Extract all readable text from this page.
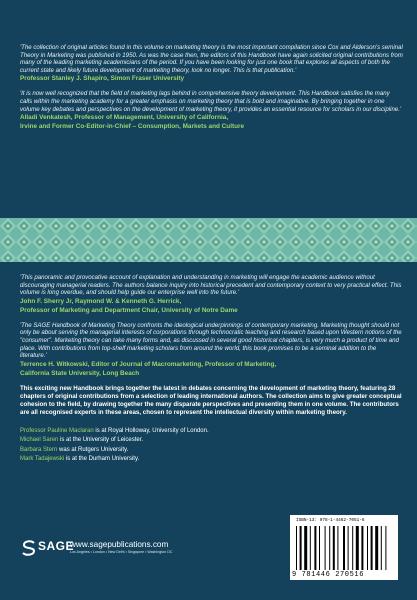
'The collection of original articles found in this volume on marketing theory is the most important compilation since Cox and Alderson's seminal Theory in Marketing was published in 1950. As was the case then, the editors of this Handbook have again solicited original contributions from many of the leading marketing academicians of the period. If you have been looking for just one book that explores all aspects of both the current state and likely future development of marketing theory, look no longer. This is that publication.'

Professor Stanley J. Shapiro, Simon Fraser University

'It is now well recognized that the field of marketing lags behind in comprehensive theory development. This Handbook satisfies the many calls within the marketing academy for a greater emphasis on marketing theory that is bold and imaginative. By bringing together in one volume key debates and perspectives on the development of marketing theory, it provides an essential resource for scholars in our discipline.'

Alladi Venkatesh, Professor of Management, University of California,

Irvine and Former Co-Editor-in-Chief – Consumption, Markets and Culture

'This panoramic and provocative account of explanation and understanding in marketing will engage the academic audience without discouraging managerial readers. The authors balance inquiry into historical precedent and contemporary context to very practical effect. This volume is long overdue, and should help guide our enterprise well into the future.'

John F. Sherry Jr, Raymond W. & Kenneth G. Herrick,

Professor of Marketing and Department Chair, University of Notre Dame

'The SAGE Handbook of Marketing Theory confronts the ideological underpinnings of contemporary marketing. Marketing thought should not only be about serving the managerial interests of corporations through technocratic teaching and research based upon Western notions of the "consumer". Marketing theory can take many forms and, as discussed in several good historical chapters, is very much a product of time and place. With contributions from top-shelf marketing scholars from around the world, this book promises to be a seminal addition to the literature.'

Terrence H. Witkowski, Editor of Journal of Macromarketing, Professor of Marketing,

California State University, Long Beach

This exciting new Handbook brings together the latest in debates concerning the development of marketing theory, featuring 28 chapters of original contributions from a selection of leading international authors. The collection aims to give greater conceptual cohesion to the field, by drawing together the many disparate perspectives and presenting them in one volume. The contributors are all recognised experts in these areas, chosen to represent the intellectual diversity within marketing theory.

Professor Pauline Maclaran is at Royal Holloway, University of London.
Michael Saren is at the University of Leicester.
Barbara Stern was at Rutgers University.
Mark Tadajewski is at the Durham University.
SAGE
www.sagepublications.com
Los Angeles • London • New Delhi • Singapore • Washington DC
ISBN-13: 978-1-4462-7051-6
9 781446 270516
